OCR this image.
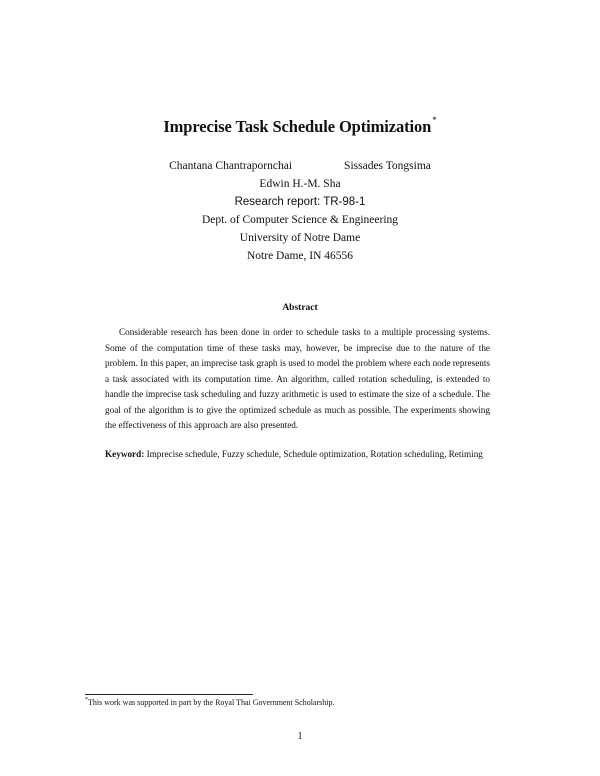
Imprecise Task Schedule Optimization*
Chantana Chantrapornchai	Sissades Tongsima
Edwin H.-M. Sha
Research report: TR-98-1
Dept. of Computer Science & Engineering
University of Notre Dame
Notre Dame, IN 46556
Abstract
Considerable research has been done in order to schedule tasks to a multiple processing systems. Some of the computation time of these tasks may, however, be imprecise due to the nature of the problem. In this paper, an imprecise task graph is used to model the problem where each node represents a task associated with its computation time. An algorithm, called rotation scheduling, is extended to handle the imprecise task scheduling and fuzzy arithmetic is used to estimate the size of a schedule. The goal of the algorithm is to give the optimized schedule as much as possible. The experiments showing the effectiveness of this approach are also presented.
Keyword: Imprecise schedule, Fuzzy schedule, Schedule optimization, Rotation scheduling, Retiming
*This work was supported in part by the Royal Thai Government Scholarship.
1
